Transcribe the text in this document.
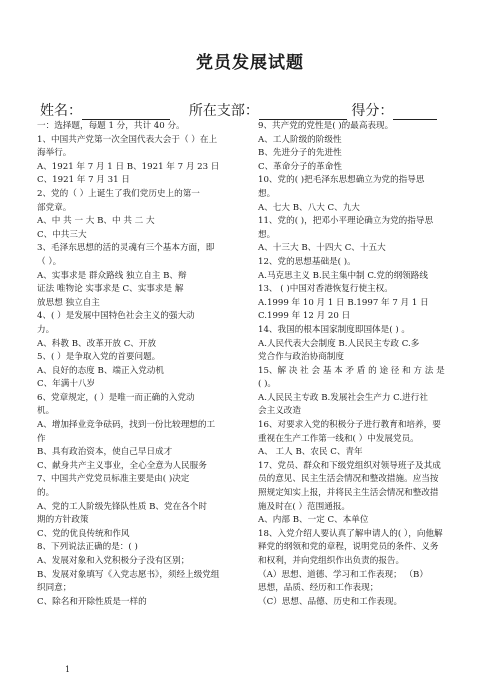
党员发展试题
姓名：	所在支部：	得分：
一：选择题，每题 1 分，共计 40 分。
1、中国共产党第一次全国代表大会于（ ）在上
海举行。
A、1921 年 7 月 1 日 B、1921 年 7 月 23 日
C、1921 年 7 月 31 日
2、党的（ ）上诞生了我们党历史上的第一
部党章。
A、中 共 一 大 B、中 共 二 大
C、中共三大
3、毛泽东思想的活的灵魂有三个基本方面，即
（ ）。
A、实事求是 群众路线 独立自主 B、辩
证法 唯物论 实事求是 C、实事求是 解
放思想 独立自主
4、( ）是发展中国特色社会主义的强大动
力。
A、科教 B、改革开放 C、开放
5、( ）是争取入党的首要问题。
A、良好的态度 B、端正入党动机
C、年满十八岁
6、党章规定，( ）是唯一而正确的入党动
机。
A、增加择业竞争砝码，找到一份比较理想的工
作
B、具有政治资本，使自己早日成才
C、献身共产主义事业，全心全意为人民服务
7、中国共产党党员标准主要是由( )决定
的。
A、党的工人阶级先锋队性质 B、党在各个时
期的方针政策
C、党的优良传统和作风
8、下列说法正确的是：( )
A、发展对象和入党积极分子没有区别；
B、发展对象填写《入党志愿书》，须经上级党组
织同意；
C、除名和开除性质是一样的
9、共产党的党性是( )的最高表现。
A、工人阶级的阶级性
B、先进分子的先进性
C、革命分子的革命性
10、党的( )把毛泽东思想确立为党的指导思
想。
A、七大 B、八大 C、九大
11、党的( )，把邓小平理论确立为党的指导思
想。
A、十三大 B、十四大 C、十五大
12、党的思想基础是( )。
A.马克思主义 B.民主集中制 C.党的纲领路线
13、 ( )中国对香港恢复行使主权。
A.1999 年 10 月 1 日 B.1997 年 7 月 1 日
C.1999 年 12 月 20 日
14、我国的根本国家制度即国体是( ) 。
A.人民代表大会制度 B.人民民主专政 C.多
党合作与政治协商制度
15、解 决 社 会 基 本 矛 盾 的 途 径 和 方 法 是
( )。
A.人民民主专政 B.发展社会生产力 C.进行社
会主义改造
16、对要求入党的积极分子进行教育和培养，要
重视在生产工作第一线和( ）中发展党员。
A、 工人 B、农民 C、青年
17、党员、群众和下级党组织对领导班子及其成
员的意见、民主生活会情况和整改措施。应当按
照规定知实上报，并将民主生活会情况和整改措
施及时在( ）范围通报。
A、内部 B、一定 C、本单位
18、入党介绍人要认真了解申请人的( ），向他解
释党的纲领和党的章程，说明党员的条件、义务
和权利，并向党组织作出负责的报告。
（A）思想、道德、学习和工作表现； （B）
思想，品质、经历和工作表现；
（C）思想、品德、历史和工作表现。
1
